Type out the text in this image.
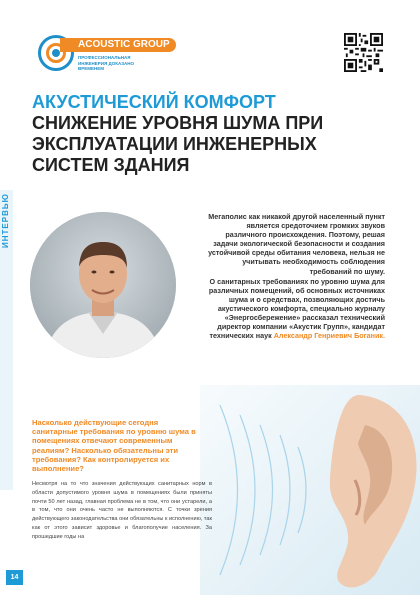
ACOUSTIC GROUP
ПРОФЕССИОНАЛЬНАЯ ИНЖЕНЕРИЯ ДОКАЗАНО ВРЕМЕНЕМ

АКУСТИЧЕСКИЙ КОМФОРТ

СНИЖЕНИЕ УРОВНЯ ШУМА ПРИ ЭКСПЛУАТАЦИИ ИНЖЕНЕРНЫХ СИСТЕМ ЗДАНИЯ

ИНТЕРВЬЮ	Мегаполис как никакой другой населенный пункт является средоточием громких звуков различного происхождения. Поэтому, решая задачи экологической безопасности и создания устойчивой среды обитания человека, нельзя не учитывать необходимость соблюдения требований по шуму.

О санитарных требованиях по уровню шума для различных помещений, об основных источниках шума и о средствах, позволяющих достичь акустического комфорта, специально журналу «Энергосбережение» рассказал технический директор компании «Акустик Групп», кандидат технических наук Александр Генриевич Боганик.

Насколько действующие сегодня санитарные требования по уровню шума в помещениях отвечают современным реалиям? Насколько обязательны эти требования? Как контролируется их выполнение?
Несмотря на то что значения действующих санитарных норм в области допустимого уровня шума в помещениях были приняты почти 50 лет назад, главная проблема не в том, что они устарели, а в том, что они очень часто не выполняются. С точки зрения действующего законодательства они обязательны к исполнению, так как от этого зависит здоровье и благополучие населения. За прошедшие годы на
14
